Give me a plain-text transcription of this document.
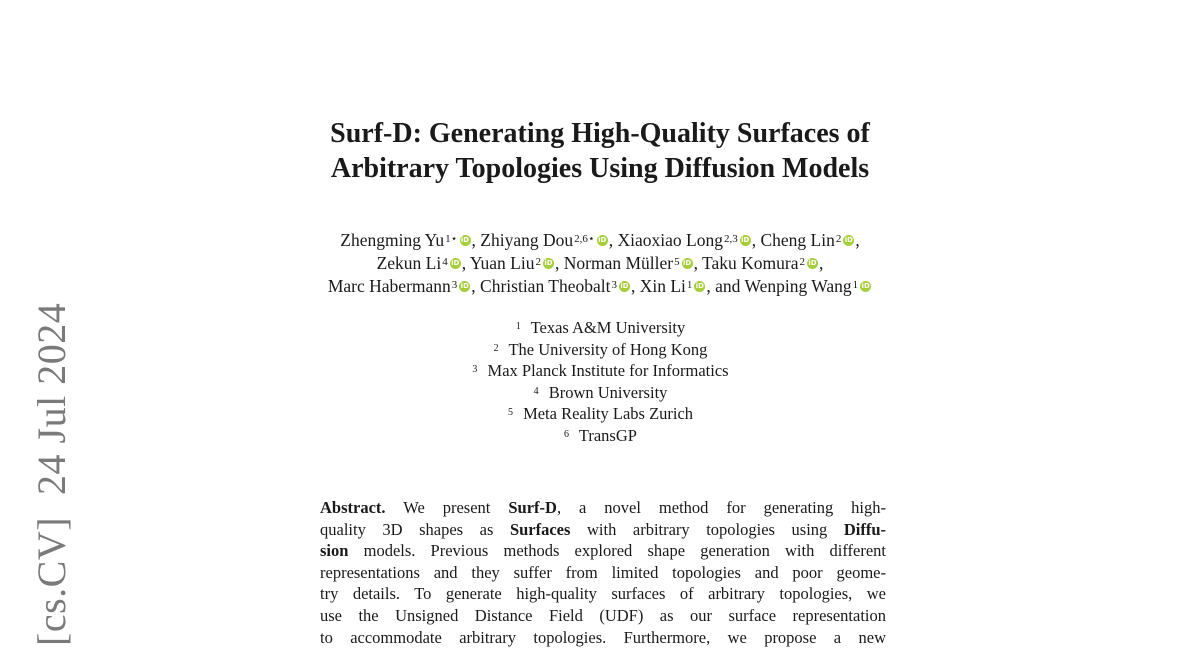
[cs.CV]24 Jul 2024
Surf-D: Generating High-Quality Surfaces of
Arbitrary Topologies Using Diffusion Models
Zhengming $Yu^{1⋆}$ iD , Zhiyang Dou$^{2,6⋆}$ iD , Xiaoxiao Long$^{2,3}$ iD , Cheng Lin$^2$ iD ,
Zekun Li$^4$ iD , Yuan Liu$^2$ iD , Norman Müller$^5$ iD , Taku Komura$^2$ iD ,
Marc Habermann$^3$ iD , Christian Theobalt$^3$ iD , Xin Li$^1$ iD , and Wenping Wang$^1$ iD
$^1$ Texas A&M University
$^2$ The University of Hong Kong
$^3$ Max Planck Institute for Informatics
$^4$ Brown University
$^5$ Meta Reality Labs Zurich
$^6$ TransGP
Abstract. We present Surf-D, a novel method for generating high-
quality 3D shapes as Surfaces with arbitrary topologies using Diffu-
sion models. Previous methods explored shape generation with different
representations and they suffer from limited topologies and poor geome-
try details. To generate high-quality surfaces of arbitrary topologies, we
use the Unsigned Distance Field (UDF) as our surface representation
to accommodate arbitrary topologies. Furthermore, we propose a new
